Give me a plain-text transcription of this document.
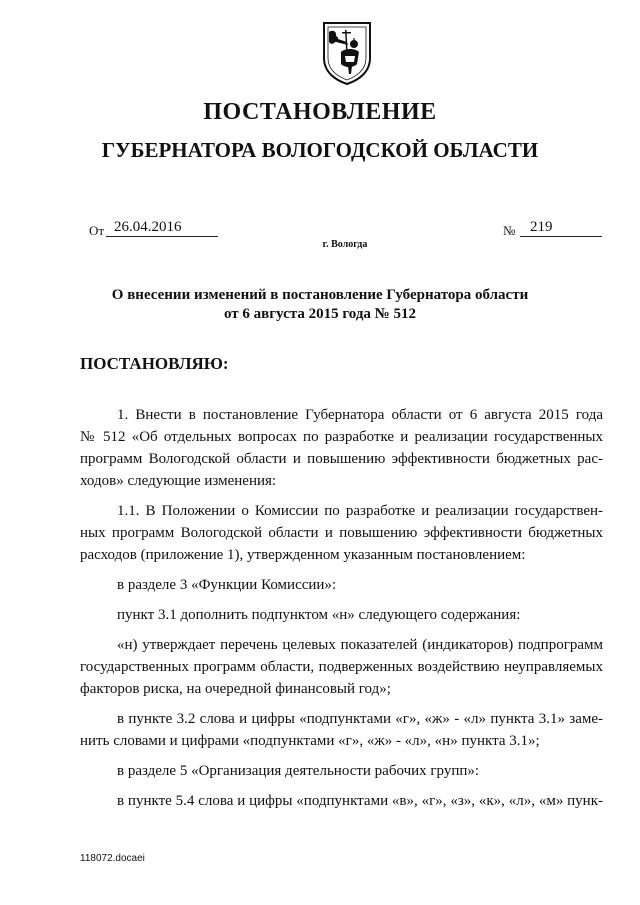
ПОСТАНОВЛЕНИЕ
ГУБЕРНАТОРА ВОЛОГОДСКОЙ ОБЛАСТИ
От 26.04.2016	№ 219
г. Вологда
О внесении изменений в постановление Губернатора области
от 6 августа 2015 года № 512
ПОСТАНОВЛЯЮ:

1. Внести в постановление Губернатора области от 6 августа 2015 года
№ 512 «Об отдельных вопросах по разработке и реализации государственных
программ Вологодской области и повышению эффективности бюджетных рас-
ходов» следующие изменения:

1.1. В Положении о Комиссии по разработке и реализации государствен-
ных программ Вологодской области и повышению эффективности бюджетных
расходов (приложение 1), утвержденном указанным постановлением:

в разделе 3 «Функции Комиссии»:

пункт 3.1 дополнить подпунктом «н» следующего содержания:

«н) утверждает перечень целевых показателей (индикаторов) подпрограмм
государственных программ области, подверженных воздействию неуправляемых
факторов риска, на очередной финансовый год»;

в пункте 3.2 слова и цифры «подпунктами «г», «ж» - «л» пункта 3.1» заме-
нить словами и цифрами «подпунктами «г», «ж» - «л», «н» пункта 3.1»;

в разделе 5 «Организация деятельности рабочих групп»:

в пункте 5.4 слова и цифры «подпунктами «в», «г», «з», «к», «л», «м» пунк-

118072.docaei
